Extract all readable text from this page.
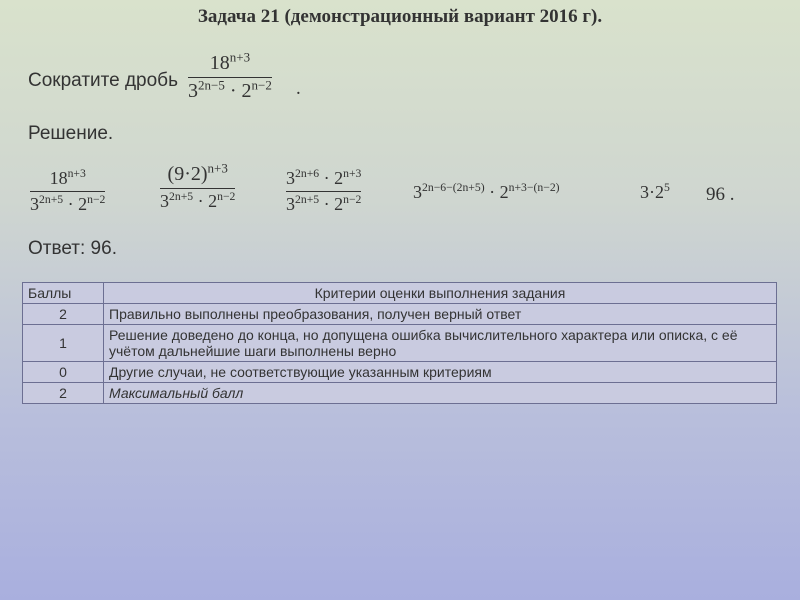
Задача 21 (демонстрационный вариант 2016 г).
Сократите дробь
$18^{n+3}$
$3^{2n-5} \cdot 2^{n-2}$ .
Решение.
$18^{n+3}$
$3^{2n+5} \cdot 2^{n-2}$
$(9\cdot 2)^{n+3}$
$3^{2n+5} \cdot 2^{n-2}$
$3^{2n+6} \cdot 2^{n+3}$
$3^{2n+5} \cdot 2^{n-2}$	$3^{2n-6-(2n+5)} \cdot 2^{n+3-(n-2)}$	$3\cdot 2^5$ 96 .
Ответ: 96.
Баллы	Критерии оценки выполнения задания
2	Правильно выполнены преобразования, получен верный ответ
1	Решение доведено до конца, но допущена ошибка вычислительного характера или описка, с её учётом дальнейшие шаги выполнены верно
0	Другие случаи, не соответствующие указанным критериям
2	Максимальный балл
